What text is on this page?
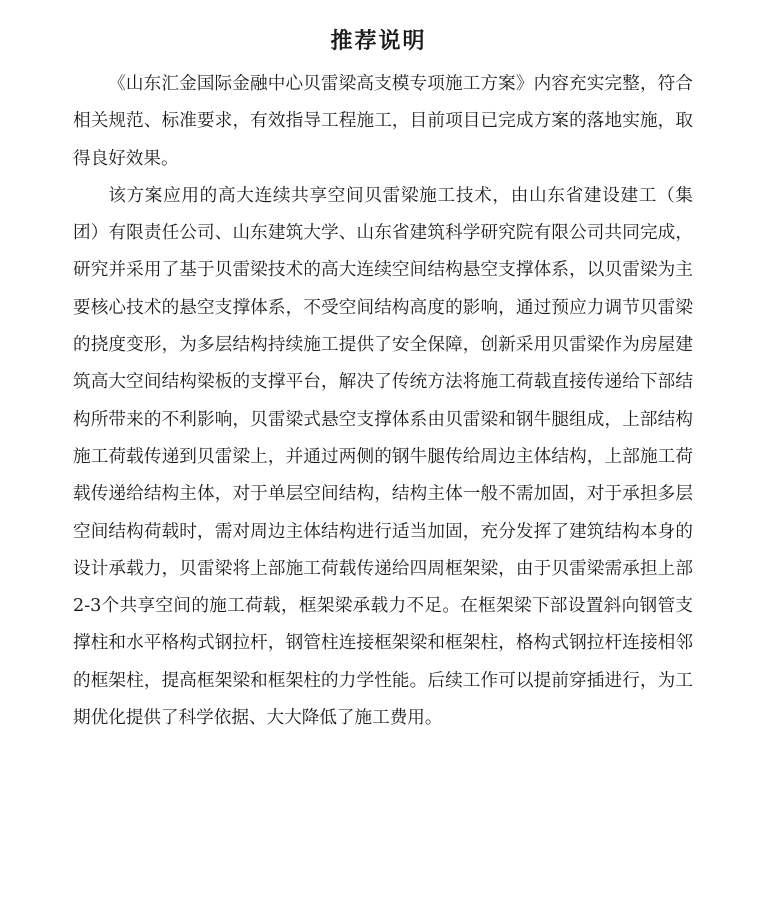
推荐说明

《山东汇金国际金融中心贝雷梁高支模专项施工方案》内容充实完整，符合相关规范、标准要求，有效指导工程施工，目前项目已完成方案的落地实施，取得良好效果。

该方案应用的高大连续共享空间贝雷梁施工技术，由山东省建设建工（集团）有限责任公司、山东建筑大学、山东省建筑科学研究院有限公司共同完成，研究并采用了基于贝雷梁技术的高大连续空间结构悬空支撑体系，以贝雷梁为主要核心技术的悬空支撑体系，不受空间结构高度的影响，通过预应力调节贝雷梁的挠度变形，为多层结构持续施工提供了安全保障，创新采用贝雷梁作为房屋建筑高大空间结构梁板的支撑平台，解决了传统方法将施工荷载直接传递给下部结构所带来的不利影响，贝雷梁式悬空支撑体系由贝雷梁和钢牛腿组成，上部结构施工荷载传递到贝雷梁上，并通过两侧的钢牛腿传给周边主体结构，上部施工荷载传递给结构主体，对于单层空间结构，结构主体一般不需加固，对于承担多层空间结构荷载时，需对周边主体结构进行适当加固，充分发挥了建筑结构本身的设计承载力，贝雷梁将上部施工荷载传递给四周框架梁，由于贝雷梁需承担上部2-3个共享空间的施工荷载，框架梁承载力不足。在框架梁下部设置斜向钢管支撑柱和水平格构式钢拉杆，钢管柱连接框架梁和框架柱，格构式钢拉杆连接相邻的框架柱，提高框架梁和框架柱的力学性能。后续工作可以提前穿插进行，为工期优化提供了科学依据、大大降低了施工费用。
